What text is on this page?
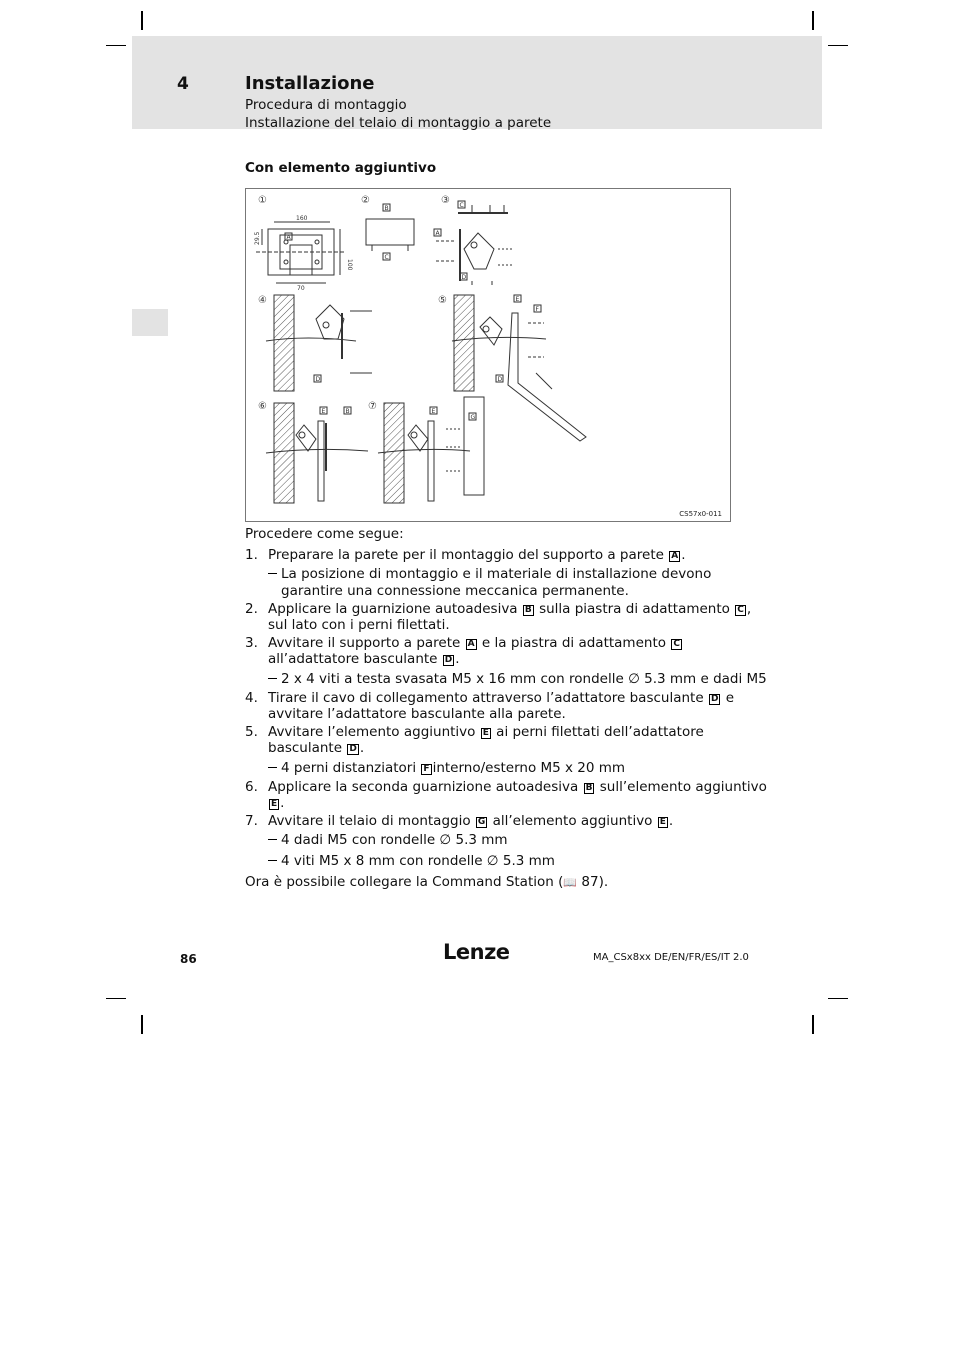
4	Installazione
Procedura di montaggio
Installazione del telaio di montaggio a parete
Con elemento aggiuntivo
①	②	③
④	⑤
⑥	⑦
160
29.5
100
70
A
B
C
C
A
D
D
E
F
D
E	B	E
G
CS57x0-011
Procedere come segue:
1. Preparare la parete per il montaggio del supporto a parete A .
La posizione di montaggio e il materiale di installazione devono
garantire una connessione meccanica permanente.
2. Applicare la guarnizione autoadesiva B sulla piastra di adattamento C ,
sul lato con i perni filettati.
3. Avvitare il supporto a parete A e la piastra di adattamento C
all’adattatore basculante D .
2 x 4 viti a testa svasata M5 x 16 mm con rondelle ∅ 5.3 mm e dadi M5
4. Tirare il cavo di collegamento attraverso l’adattatore basculante D e
avvitare l’adattatore basculante alla parete.
5. Avvitare l’elemento aggiuntivo E ai perni filettati dell’adattatore
basculante D .
4 perni distanziatori F interno/esterno M5 x 20 mm
6. Applicare la seconda guarnizione autoadesiva B sull’elemento aggiuntivo
E .
7. Avvitare il telaio di montaggio G all’elemento aggiuntivo E .
4 dadi M5 con rondelle ∅ 5.3 mm
4 viti M5 x 8 mm con rondelle ∅ 5.3 mm
Ora è possibile collegare la Command Station (📖 87).
86	Lenze	MA_CSx8xx DE/EN/FR/ES/IT 2.0
